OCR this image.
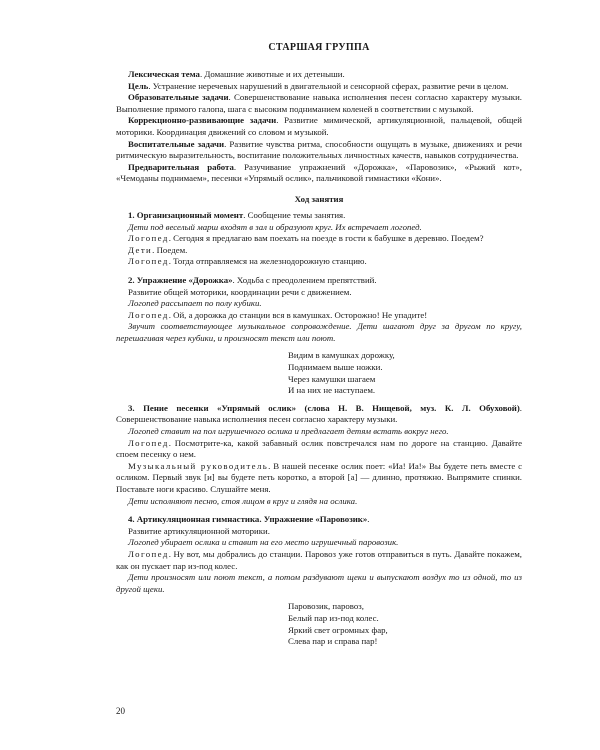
СТАРШАЯ ГРУППА

Лексическая тема. Домашние животные и их детеныши.

Цель. Устранение неречевых нарушений в двигательной и сенсорной сферах, развитие речи в целом.

Образовательные задачи. Совершенствование навыка исполнения песен согласно характеру музыки. Выполнение прямого галопа, шага с высоким подниманием коленей в соответствии с музыкой.

Коррекционно-развивающие задачи. Развитие мимической, артикуляционной, пальцевой, общей моторики. Координация движений со словом и музыкой.

Воспитательные задачи. Развитие чувства ритма, способности ощущать в музыке, движениях и речи ритмическую выразительность, воспитание положительных личностных качеств, навыков сотрудничества.

Предварительная работа. Разучивание упражнений «Дорожка», «Паровозик», «Рыжий кот», «Чемоданы поднимаем», песенки «Упрямый ослик», пальчиковой гимнастики «Кони».

Ход занятия

1. Организационный момент. Сообщение темы занятия.

Дети под веселый марш входят в зал и образуют круг. Их встречает логопед.

Логопед. Сегодня я предлагаю вам поехать на поезде в гости к бабушке в деревню. Поедем?

Дети. Поедем.

Логопед. Тогда отправляемся на железнодорожную станцию.

2. Упражнение «Дорожка». Ходьба с преодолением препятствий.

Развитие общей моторики, координации речи с движением.

Логопед рассыпает по полу кубики.

Логопед. Ой, а дорожка до станции вся в камушках. Осторожно! Не упадите!

Звучит соответствующее музыкальное сопровождение. Дети шагают друг за другом по кругу, перешагивая через кубики, и произносят текст или поют.

Видим в камушках дорожку,

Поднимаем выше ножки.

Через камушки шагаем

И на них не наступаем.

3. Пение песенки «Упрямый ослик» (слова Н. В. Нищевой, муз. К. Л. Обуховой). Совершенствование навыка исполнения песен согласно характеру музыки.

Логопед ставит на пол игрушечного ослика и предлагает детям встать вокруг него.

Логопед. Посмотрите-ка, какой забавный ослик повстречался нам по дороге на станцию. Давайте споем песенку о нем.

Музыкальный руководитель. В нашей песенке ослик поет: «Иа! Иа!» Вы будете петь вместе с осликом. Первый звук [и] вы будете петь коротко, а второй [а] — длинно, протяжно. Выпрямите спинки. Поставьте ноги красиво. Слушайте меня.

Дети исполняют песню, стоя лицом в круг и глядя на ослика.

4. Артикуляционная гимнастика. Упражнение «Паровозик».

Развитие артикуляционной моторики.

Логопед убирает ослика и ставит на его место игрушечный паровозик.

Логопед. Ну вот, мы добрались до станции. Паровоз уже готов отправиться в путь. Давайте покажем, как он пускает пар из-под колес.

Дети произносят или поют текст, а потом раздувают щеки и выпускают воздух то из одной, то из другой щеки.

Паровозик, паровоз,

Белый пар из-под колес.

Яркий свет огромных фар,

Слева пар и справа пар!

20
